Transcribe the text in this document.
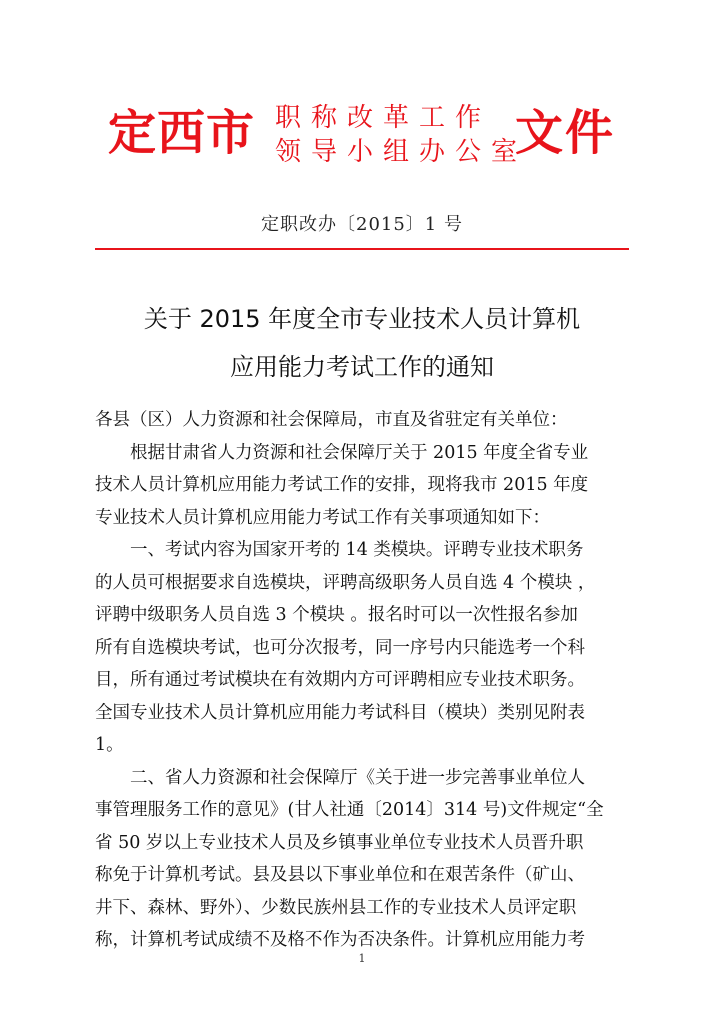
定西市 职称改革工作
领导小组办公室
文件
定职改办〔2015〕1 号
关于 2015 年度全市专业技术人员计算机
应用能力考试工作的通知
各县（区）人力资源和社会保障局，市直及省驻定有关单位：
根据甘肃省人力资源和社会保障厅关于 2015 年度全省专业
技术人员计算机应用能力考试工作的安排，现将我市 2015 年度
专业技术人员计算机应用能力考试工作有关事项通知如下：
一、考试内容为国家开考的 14 类模块。评聘专业技术职务
的人员可根据要求自选模块，评聘高级职务人员自选 4 个模块 ，
评聘中级职务人员自选 3 个模块 。报名时可以一次性报名参加
所有自选模块考试，也可分次报考，同一序号内只能选考一个科
目，所有通过考试模块在有效期内方可评聘相应专业技术职务。
全国专业技术人员计算机应用能力考试科目（模块）类别见附表
1。
二、省人力资源和社会保障厅《关于进一步完善事业单位人
事管理服务工作的意见》(甘人社通〔2014〕314 号)文件规定“全
省 50 岁以上专业技术人员及乡镇事业单位专业技术人员晋升职
称免于计算机考试。县及县以下事业单位和在艰苦条件（矿山、
井下、森林、野外）、少数民族州县工作的专业技术人员评定职
称，计算机考试成绩不及格不作为否决条件。计算机应用能力考
1
